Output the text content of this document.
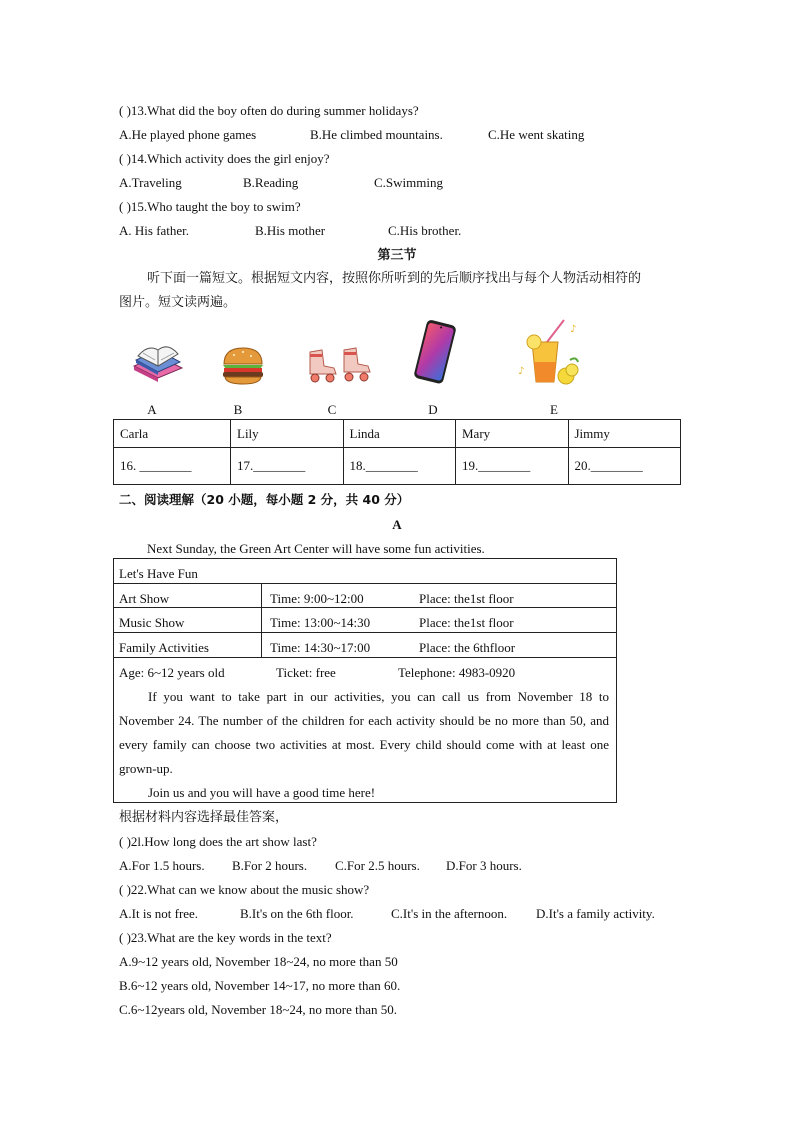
( )13.What did the boy often do during summer holidays?
A.He played phone games	B.He climbed mountains.	C.He went skating
( )14.Which activity does the girl enjoy?
A.Traveling	B.Reading	C.Swimming
( )15.Who taught the boy to swim?
A. His father.	B.His mother	C.His brother.
第三节
听下面一篇短文。根据短文内容，按照你所听到的先后顺序找出与每个人物活动相符的
图片。短文读两遍。
♪
♪
A	B	C	D	E
Carla	Lily	Linda	Mary	Jimmy
16. ________	17.________	18.________	19.________	20.________
二、阅读理解（20 小题，每小题 2 分，共 40 分）
A
Next Sunday, the Green Art Center will have some fun activities.
Let's Have Fun
Art Show	Time: 9:00~12:00	Place: the1st floor
Music Show	Time: 13:00~14:30	Place: the1st floor
Family Activities	Time: 14:30~17:00	Place: the 6thfloor
Age: 6~12 years old	Ticket: free	Telephone: 4983-0920
If you want to take part in our activities, you can call us from November 18 to November 24. The number of the children for each activity should be no more than 50, and every family can choose two activities at most. Every child should come with at least one grown-up.
Join us and you will have a good time here!
根据材料内容选择最佳答案，
( )2l.How long does the art show last?
A.For 1.5 hours. B.For 2 hours. C.For 2.5 hours. D.For 3 hours.
( )22.What can we know about the music show?
A.It is not free.	B.It's on the 6th floor.	C.It's in the afternoon. D.It's a family activity.
( )23.What are the key words in the text?
A.9~12 years old, November 18~24, no more than 50
B.6~12 years old, November 14~17, no more than 60.
C.6~12years old, November 18~24, no more than 50.
